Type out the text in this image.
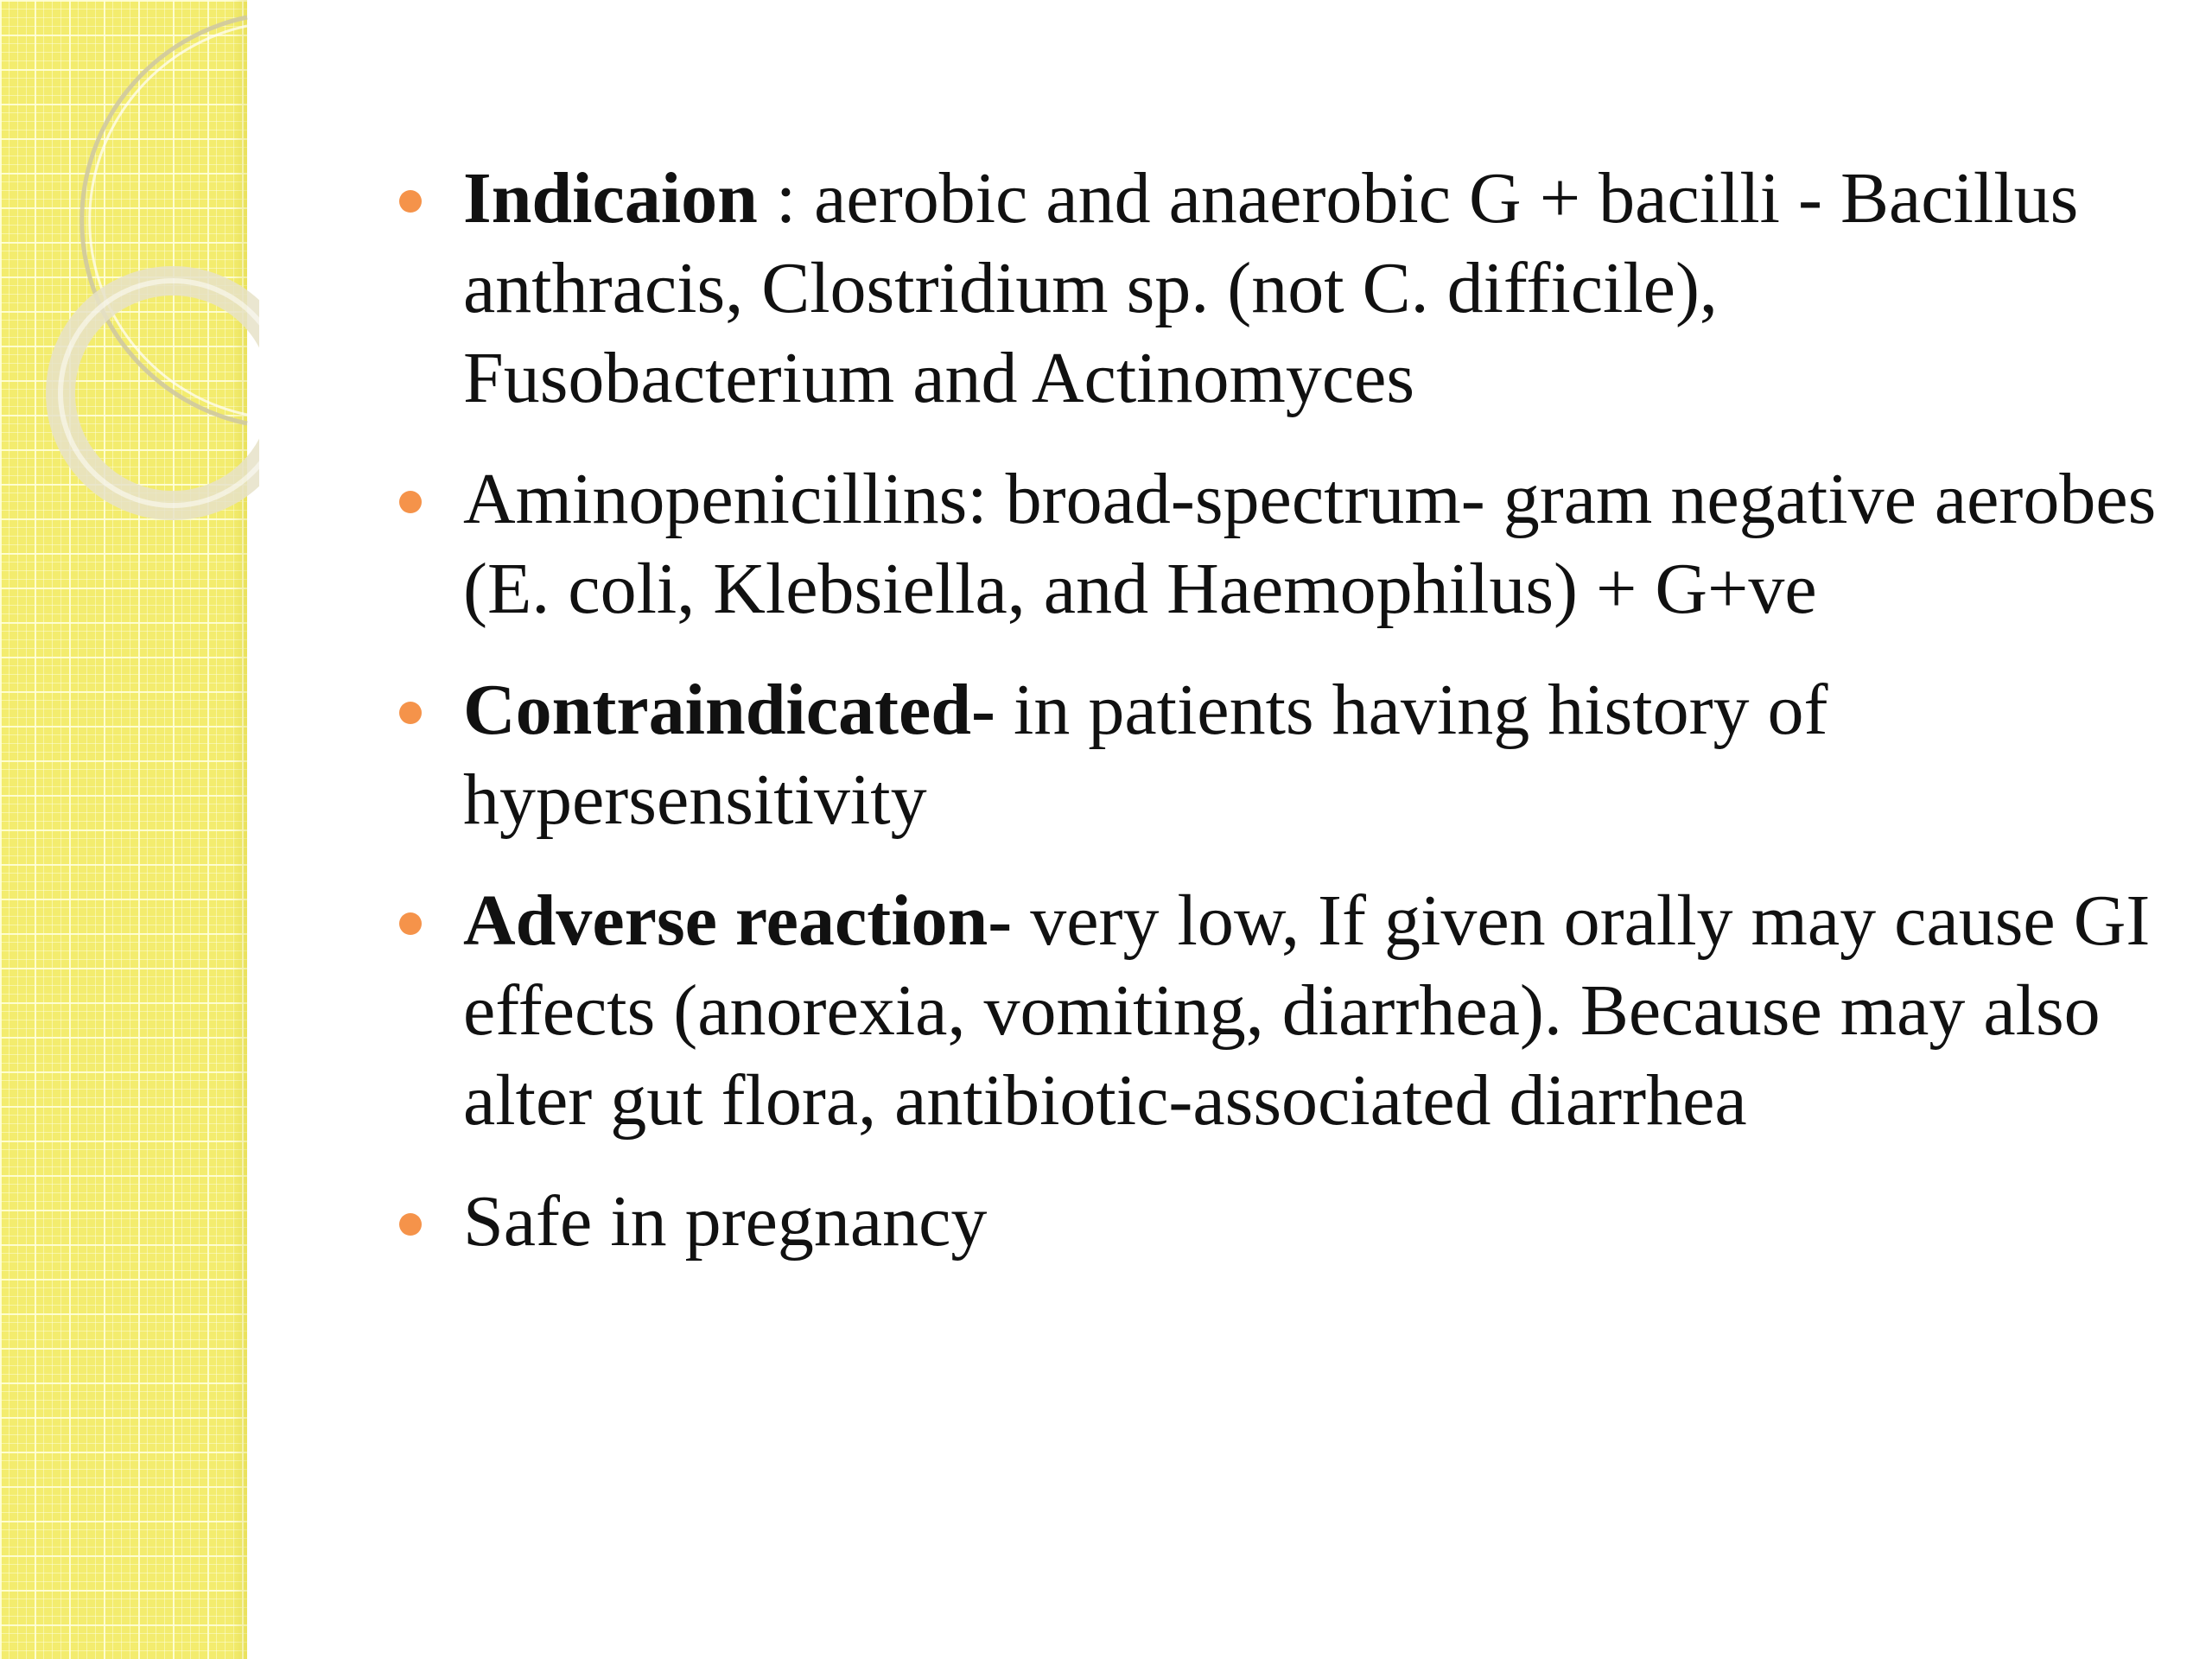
Indicaion : aerobic and anaerobic G + bacilli - Bacillus anthracis, Clostridium sp. (not C. difficile), Fusobacterium and Actinomyces
Aminopenicillins: broad-spectrum- gram negative aerobes (E. coli, Klebsiella, and Haemophilus) + G+ve
Contraindicated- in patients having history of hypersensitivity
Adverse reaction- very low, If given orally may cause GI effects (anorexia, vomiting, diarrhea). Because may also alter gut flora, antibiotic-associated diarrhea
Safe in pregnancy
